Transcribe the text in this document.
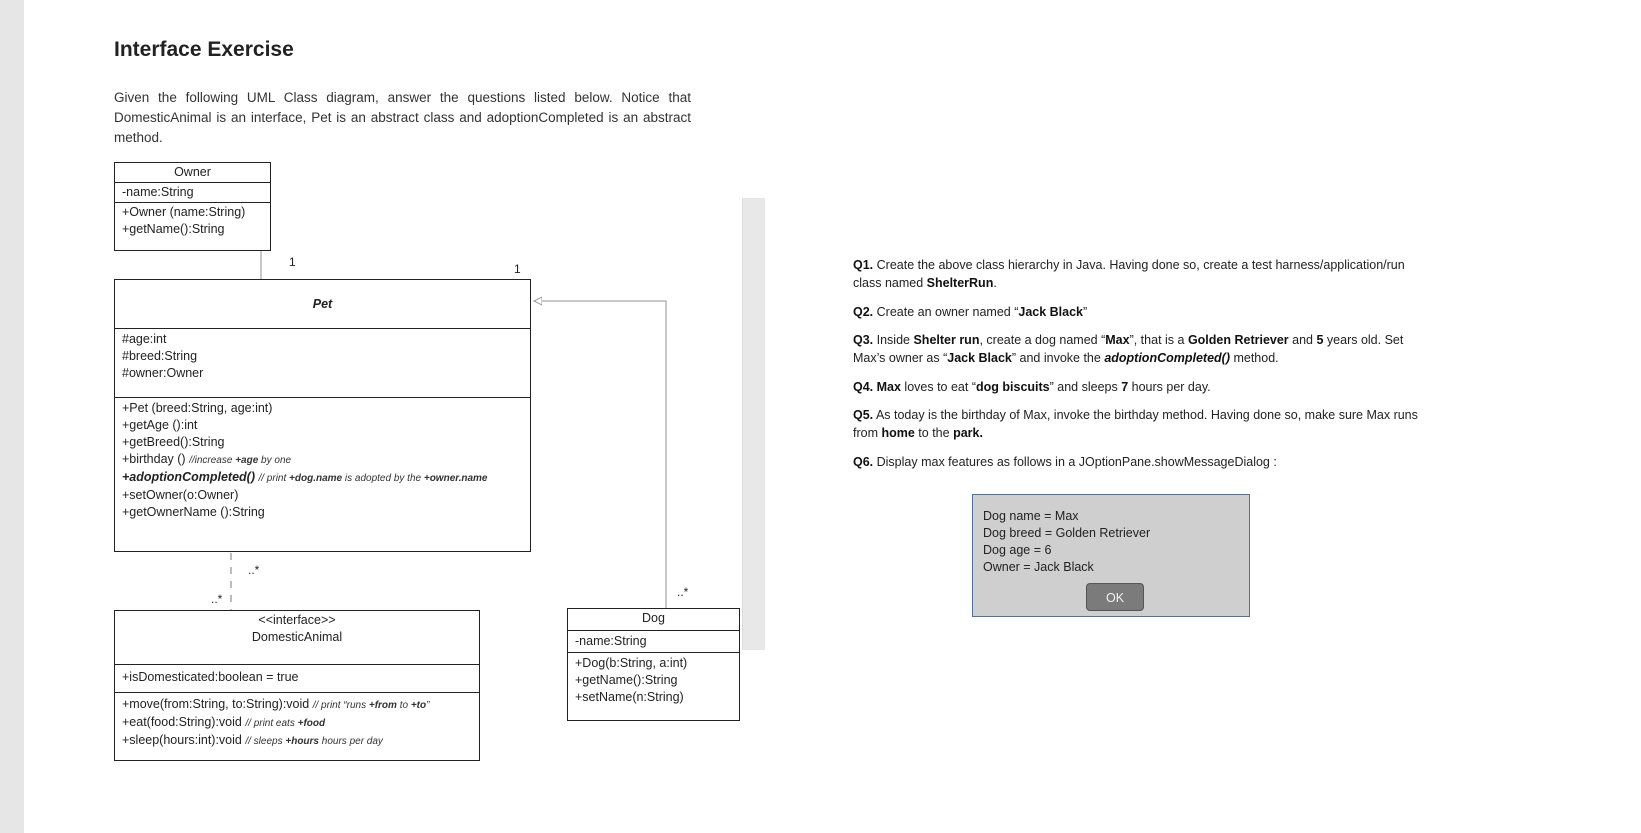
Interface Exercise

Given the following UML Class diagram, answer the questions listed below. Notice that DomesticAnimal is an interface, Pet is an abstract class and adoptionCompleted is an abstract method.

1	1
..*
..*	..*
Owner
-name:String
+Owner (name:String)
+getName():String
Pet
#age:int
#breed:String
#owner:Owner
+Pet (breed:String, age:int)
+getAge ():int
+getBreed():String
+birthday () //increase +age by one
+adoptionCompleted() // print +dog.name is adopted by the +owner.name
+setOwner(o:Owner)
+getOwnerName ():String
<<interface>>
DomesticAnimal
+isDomesticated:boolean = true
+move(from:String, to:String):void // print “runs +from to +to”
+eat(food:String):void // print eats +food
+sleep(hours:int):void // sleeps +hours hours per day
Dog
-name:String
+Dog(b:String, a:int)
+getName():String
+setName(n:String)

Q1. Create the above class hierarchy in Java. Having done so, create a test harness/application/run class named ShelterRun.

Q2. Create an owner named “Jack Black”

Q3. Inside Shelter run, create a dog named “Max”, that is a Golden Retriever and 5 years old. Set Max’s owner as “Jack Black” and invoke the adoptionCompleted() method.

Q4. Max loves to eat “dog biscuits” and sleeps 7 hours per day.

Q5. As today is the birthday of Max, invoke the birthday method. Having done so, make sure Max runs from home to the park.

Q6. Display max features as follows in a JOptionPane.showMessageDialog :

Dog name = Max
Dog breed = Golden Retriever
Dog age = 6
Owner = Jack Black
OK
